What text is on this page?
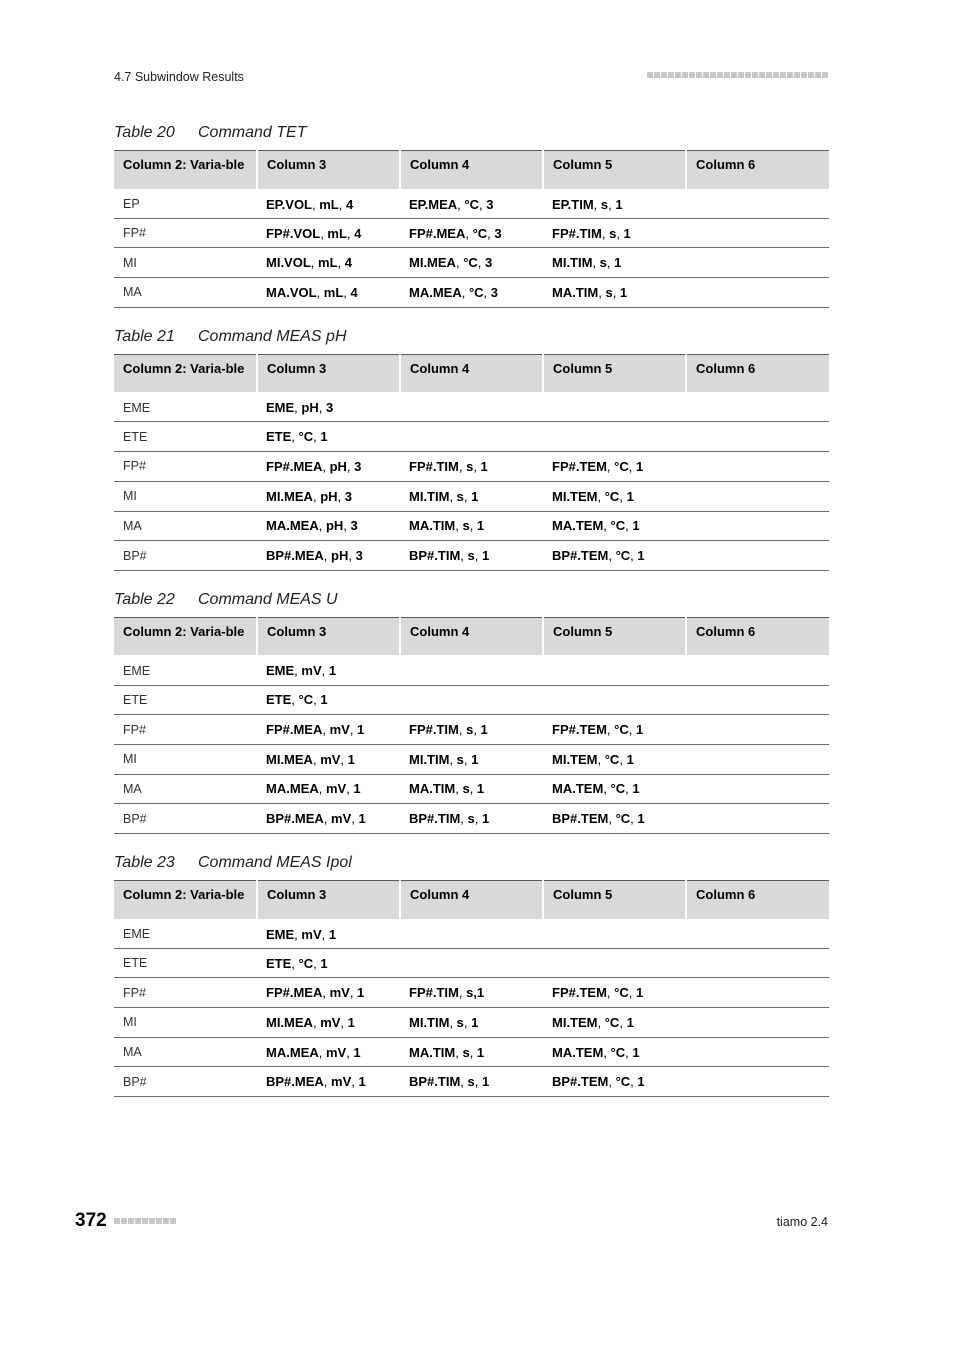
4.7 Subwindow Results
Table 20 Command TET
Column 2: Varia-ble	Column 3	Column 4	Column 5	Column 6
EP	EP.VOL, mL, 4	EP.MEA, °C, 3	EP.TIM, s, 1	
FP#	FP#.VOL, mL, 4	FP#.MEA, °C, 3	FP#.TIM, s, 1	
MI	MI.VOL, mL, 4	MI.MEA, °C, 3	MI.TIM, s, 1	
MA	MA.VOL, mL, 4	MA.MEA, °C, 3	MA.TIM, s, 1	
Table 21 Command MEAS pH
Column 2: Varia-ble	Column 3	Column 4	Column 5	Column 6
EME	EME, pH, 3			
ETE	ETE, °C, 1			
FP#	FP#.MEA, pH, 3	FP#.TIM, s, 1	FP#.TEM, °C, 1	
MI	MI.MEA, pH, 3	MI.TIM, s, 1	MI.TEM, °C, 1	
MA	MA.MEA, pH, 3	MA.TIM, s, 1	MA.TEM, °C, 1	
BP#	BP#.MEA, pH, 3	BP#.TIM, s, 1	BP#.TEM, °C, 1	
Table 22 Command MEAS U
Column 2: Varia-ble	Column 3	Column 4	Column 5	Column 6
EME	EME, mV, 1			
ETE	ETE, °C, 1			
FP#	FP#.MEA, mV, 1	FP#.TIM, s, 1	FP#.TEM, °C, 1	
MI	MI.MEA, mV, 1	MI.TIM, s, 1	MI.TEM, °C, 1	
MA	MA.MEA, mV, 1	MA.TIM, s, 1	MA.TEM, °C, 1	
BP#	BP#.MEA, mV, 1	BP#.TIM, s, 1	BP#.TEM, °C, 1	
Table 23 Command MEAS Ipol
Column 2: Varia-ble	Column 3	Column 4	Column 5	Column 6
EME	EME, mV, 1			
ETE	ETE, °C, 1			
FP#	FP#.MEA, mV, 1	FP#.TIM, s,1	FP#.TEM, °C, 1	
MI	MI.MEA, mV, 1	MI.TIM, s, 1	MI.TEM, °C, 1	
MA	MA.MEA, mV, 1	MA.TIM, s, 1	MA.TEM, °C, 1	
BP#	BP#.MEA, mV, 1	BP#.TIM, s, 1	BP#.TEM, °C, 1	
372	tiamo 2.4
